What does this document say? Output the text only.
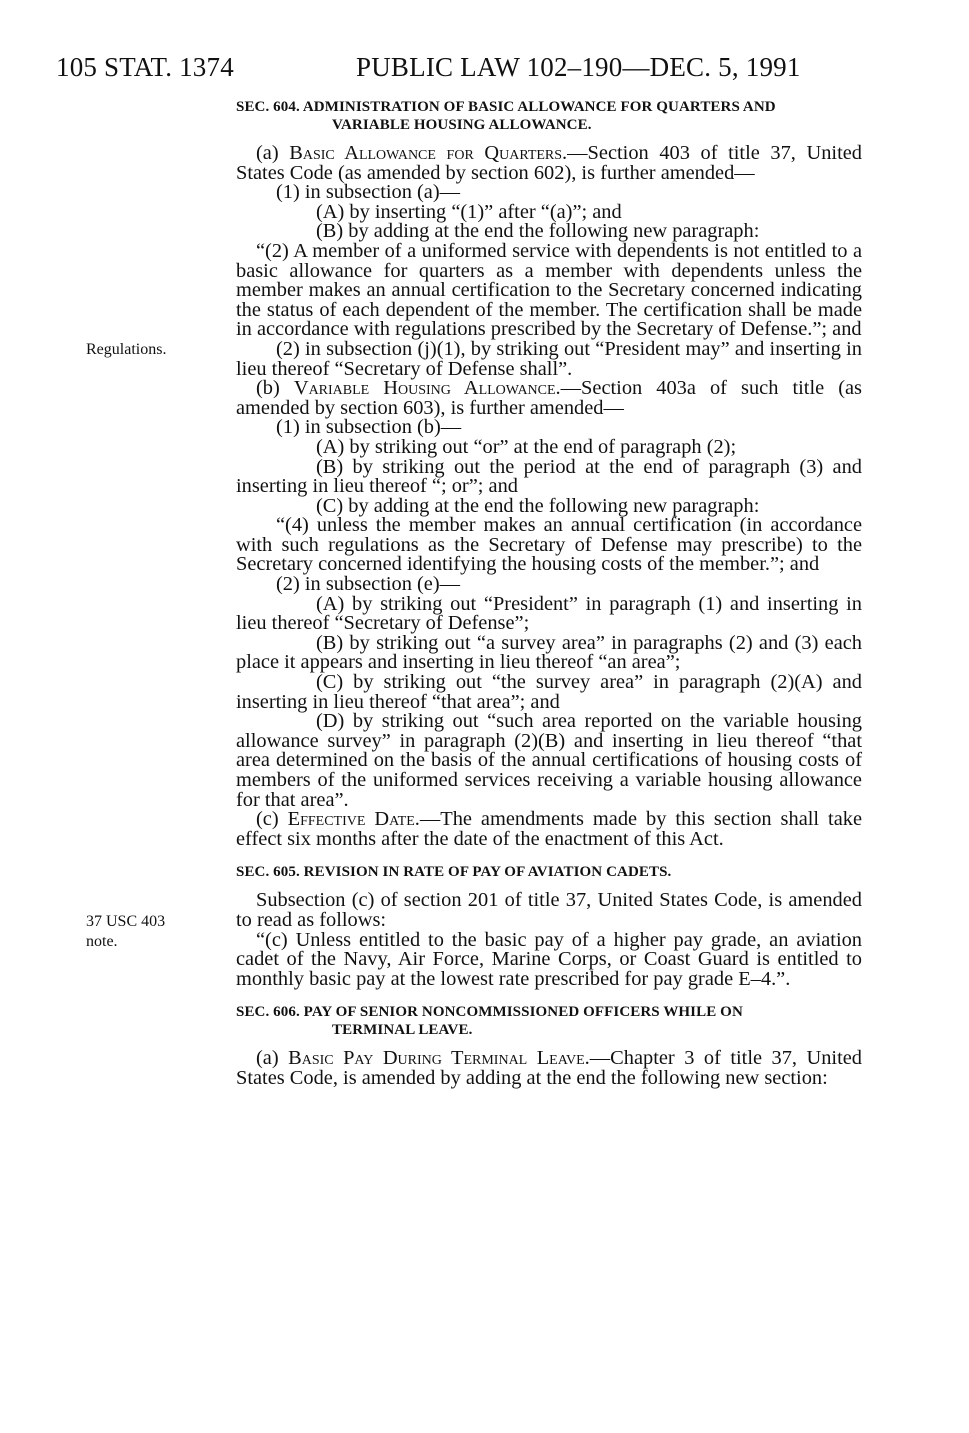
105 STAT. 1374	PUBLIC LAW 102–190—DEC. 5, 1991
Regulations.
37 USC 403
note.
SEC. 604. ADMINISTRATION OF BASIC ALLOWANCE FOR QUARTERS AND
VARIABLE HOUSING ALLOWANCE.

(a) Basic Allowance for Quarters.—Section 403 of title 37, United States Code (as amended by section 602), is further amended—

(1) in subsection (a)—

(A) by inserting “(1)” after “(a)”; and

(B) by adding at the end the following new paragraph:

“(2) A member of a uniformed service with dependents is not entitled to a basic allowance for quarters as a member with dependents unless the member makes an annual certification to the Secretary concerned indicating the status of each dependent of the member. The certification shall be made in accordance with regulations prescribed by the Secretary of Defense.”; and

(2) in subsection (j)(1), by striking out “President may” and inserting in lieu thereof “Secretary of Defense shall”.

(b) Variable Housing Allowance.—Section 403a of such title (as amended by section 603), is further amended—

(1) in subsection (b)—

(A) by striking out “or” at the end of paragraph (2);

(B) by striking out the period at the end of paragraph (3) and inserting in lieu thereof “; or”; and

(C) by adding at the end the following new paragraph:

“(4) unless the member makes an annual certification (in accordance with such regulations as the Secretary of Defense may prescribe) to the Secretary concerned identifying the housing costs of the member.”; and

(2) in subsection (e)—

(A) by striking out “President” in paragraph (1) and inserting in lieu thereof “Secretary of Defense”;

(B) by striking out “a survey area” in paragraphs (2) and (3) each place it appears and inserting in lieu thereof “an area”;

(C) by striking out “the survey area” in paragraph (2)(A) and inserting in lieu thereof “that area”; and

(D) by striking out “such area reported on the variable housing allowance survey” in paragraph (2)(B) and inserting in lieu thereof “that area determined on the basis of the annual certifications of housing costs of members of the uniformed services receiving a variable housing allowance for that area”.

(c) Effective Date.—The amendments made by this section shall take effect six months after the date of the enactment of this Act.

SEC. 605. REVISION IN RATE OF PAY OF AVIATION CADETS.

Subsection (c) of section 201 of title 37, United States Code, is amended to read as follows:

“(c) Unless entitled to the basic pay of a higher pay grade, an aviation cadet of the Navy, Air Force, Marine Corps, or Coast Guard is entitled to monthly basic pay at the lowest rate prescribed for pay grade E–4.”.

SEC. 606. PAY OF SENIOR NONCOMMISSIONED OFFICERS WHILE ON
TERMINAL LEAVE.

(a) Basic Pay During Terminal Leave.—Chapter 3 of title 37, United States Code, is amended by adding at the end the following new section:
